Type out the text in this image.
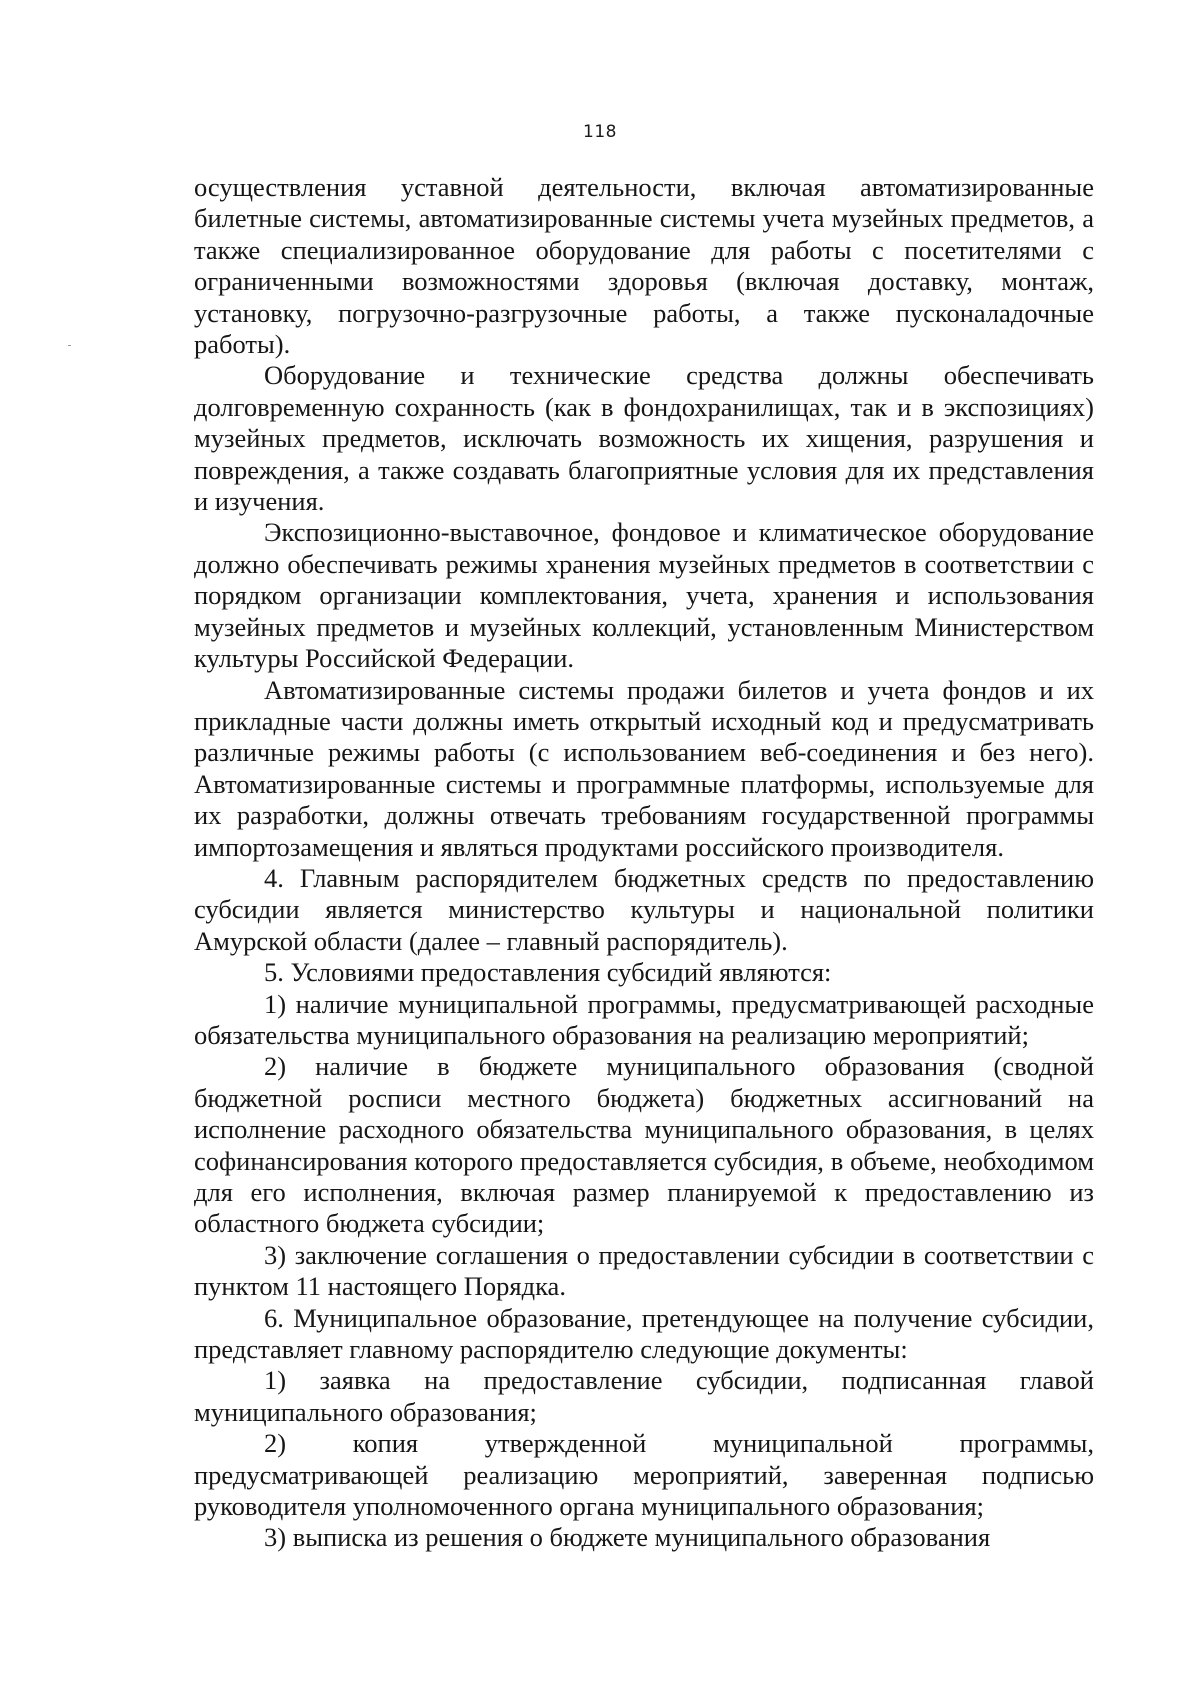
118

осуществления уставной деятельности, включая автоматизированные билетные системы, автоматизированные системы учета музейных предметов, а также специализированное оборудование для работы с посетителями с ограниченными возможностями здоровья (включая доставку, монтаж, установку, погрузочно-разгрузочные работы, а также пусконаладочные работы).

Оборудование и технические средства должны обеспечивать долговременную сохранность (как в фондохранилищах, так и в экспозициях) музейных предметов, исключать возможность их хищения, разрушения и повреждения, а также создавать благоприятные условия для их представления и изучения.

Экспозиционно-выставочное, фондовое и климатическое оборудование должно обеспечивать режимы хранения музейных предметов в соответствии с порядком организации комплектования, учета, хранения и использования музейных предметов и музейных коллекций, установленным Министерством культуры Российской Федерации.

Автоматизированные системы продажи билетов и учета фондов и их прикладные части должны иметь открытый исходный код и предусматривать различные режимы работы (с использованием веб-соединения и без него). Автоматизированные системы и программные платформы, используемые для их разработки, должны отвечать требованиям государственной программы импортозамещения и являться продуктами российского производителя.

4. Главным распорядителем бюджетных средств по предоставлению субсидии является министерство культуры и национальной политики Амурской области (далее – главный распорядитель).

5. Условиями предоставления субсидий являются:

1) наличие муниципальной программы, предусматривающей расходные обязательства муниципального образования на реализацию мероприятий;

2) наличие в бюджете муниципального образования (сводной бюджетной росписи местного бюджета) бюджетных ассигнований на исполнение расходного обязательства муниципального образования, в целях софинансирования которого предоставляется субсидия, в объеме, необходимом для его исполнения, включая размер планируемой к предоставлению из областного бюджета субсидии;

3) заключение соглашения о предоставлении субсидии в соответствии с пунктом 11 настоящего Порядка.

6. Муниципальное образование, претендующее на получение субсидии, представляет главному распорядителю следующие документы:

1) заявка на предоставление субсидии, подписанная главой муниципального образования;

2) копия утвержденной муниципальной программы, предусматривающей реализацию мероприятий, заверенная подписью руководителя уполномоченного органа муниципального образования;

3) выписка из решения о бюджете муниципального образования
